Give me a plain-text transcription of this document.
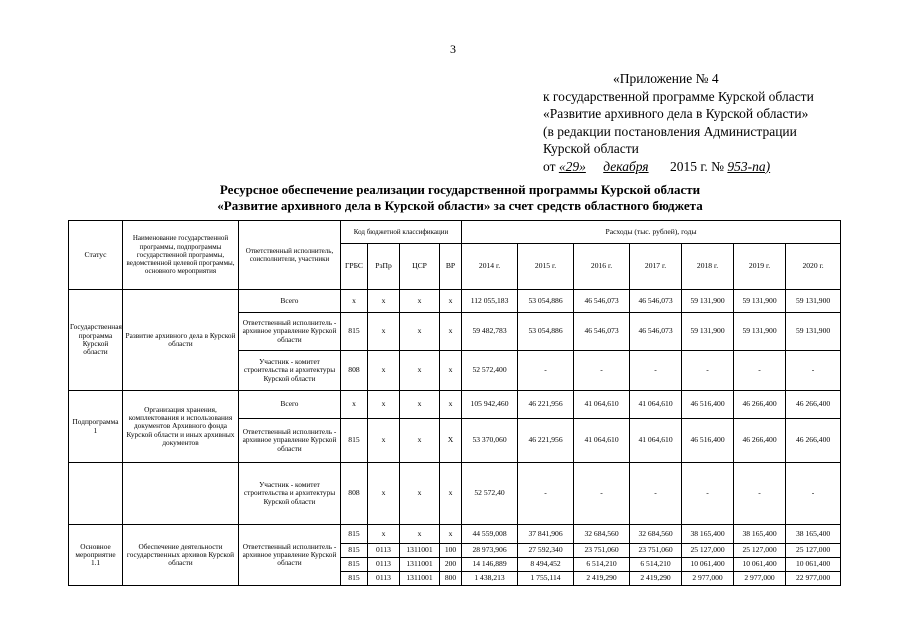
3
«Приложение № 4
к государственной программе Курской области
«Развитие архивного дела в Курской области»
(в редакции постановления Администрации
Курской области
от «29» декабря 2015 г. № 953-па)
Ресурсное обеспечение реализации государственной программы Курской области
«Развитие архивного дела в Курской области» за счет средств областного бюджета
Статус	Наименование государственной программы, подпрограммы государственной программы, ведомственной целевой программы, основного мероприятия	Ответственный исполнитель, соисполнители, участники	Код бюджетной классификации				Расходы (тыс. рублей), годы						
			ГРБС	РзПр	ЦСР	ВР	2014 г.	2015 г.	2016 г.	2017 г.	2018 г.	2019 г.	2020 г.
Государственная программа Курской области	Развитие архивного дела в Курской области	Всего	х	х	х	х	112 055,183	53 054,886	46 546,073	46 546,073	59 131,900	59 131,900	59 131,900
		Ответственный исполнитель - архивное управление Курской области	815	х	х	х	59 482,783	53 054,886	46 546,073	46 546,073	59 131,900	59 131,900	59 131,900
		Участник - комитет строительства и архитектуры Курской области	808	х	х	х	52 572,400	-	-	-	-	-	-
Подпрограмма 1	Организация хранения, комплектования и использования документов Архивного фонда Курской области и иных архивных документов	Всего	х	х	х	х	105 942,460	46 221,956	41 064,610	41 064,610	46 516,400	46 266,400	46 266,400
		Ответственный исполнитель - архивное управление Курской области	815	х	х	Х	53 370,060	46 221,956	41 064,610	41 064,610	46 516,400	46 266,400	46 266,400
		Участник - комитет строительства и архитектуры Курской области	808	х	х	х	52 572,40	-	-	-	-	-	-
Основное мероприятие 1.1	Обеспечение деятельности государственных архивов Курской области	Ответственный исполнитель - архивное управление Курской области	815	х	х	х	44 559,008	37 841,906	32 684,560	32 684,560	38 165,400	38 165,400	38 165,400
			815	0113	1311001	100	28 973,906	27 592,340	23 751,060	23 751,060	25 127,000	25 127,000	25 127,000
			815	0113	1311001	200	14 146,889	8 494,452	6 514,210	6 514,210	10 061,400	10 061,400	10 061,400
			815	0113	1311001	800	1 438,213	1 755,114	2 419,290	2 419,290	2 977,000	2 977,000	22 977,000
